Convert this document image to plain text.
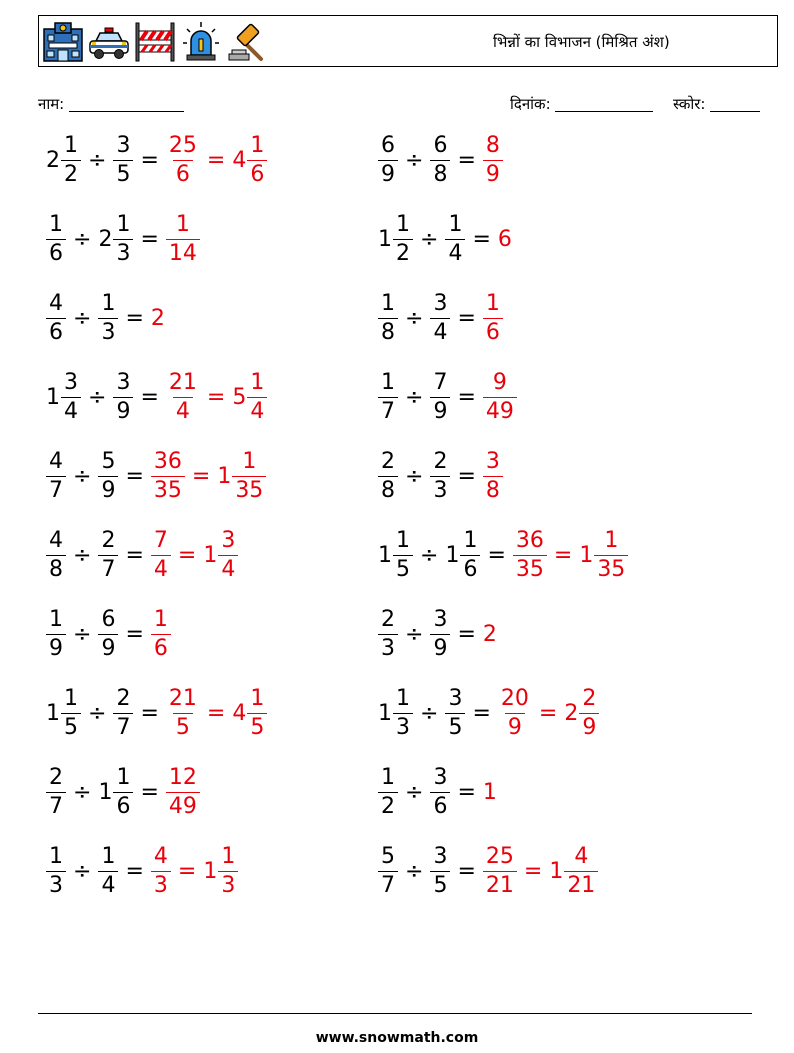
भिन्नों का विभाजन (मिश्रित अंश)
नाम:	दिनांक:	स्कोर:
$2 \frac{1}{2} \div \frac{3}{5} = \frac{25}{6} = 4 \frac{1}{6}$	$\frac{6}{9} \div \frac{6}{8} = \frac{8}{9}$
$\frac{1}{6} \div 2 \frac{1}{3} = \frac{1}{14}$	$1 \frac{1}{2} \div \frac{1}{4} = 6$
$\frac{4}{6} \div \frac{1}{3} = 2$	$\frac{1}{8} \div \frac{3}{4} = \frac{1}{6}$
$1 \frac{3}{4} \div \frac{3}{9} = \frac{21}{4} = 5 \frac{1}{4}$	$\frac{1}{7} \div \frac{7}{9} = \frac{9}{49}$
$\frac{4}{7} \div \frac{5}{9} = \frac{36}{35} = 1 \frac{1}{35}$	$\frac{2}{8} \div \frac{2}{3} = \frac{3}{8}$
$\frac{4}{8} \div \frac{2}{7} = \frac{7}{4} = 1 \frac{3}{4}$	$1 \frac{1}{5} \div 1 \frac{1}{6} = \frac{36}{35} = 1 \frac{1}{35}$
$\frac{1}{9} \div \frac{6}{9} = \frac{1}{6}$	$\frac{2}{3} \div \frac{3}{9} = 2$
$1 \frac{1}{5} \div \frac{2}{7} = \frac{21}{5} = 4 \frac{1}{5}$	$1 \frac{1}{3} \div \frac{3}{5} = \frac{20}{9} = 2 \frac{2}{9}$
$\frac{2}{7} \div 1 \frac{1}{6} = \frac{12}{49}$	$\frac{1}{2} \div \frac{3}{6} = 1$
$\frac{1}{3} \div \frac{1}{4} = \frac{4}{3} = 1 \frac{1}{3}$	$\frac{5}{7} \div \frac{3}{5} = \frac{25}{21} = 1 \frac{4}{21}$
www.snowmath.com
